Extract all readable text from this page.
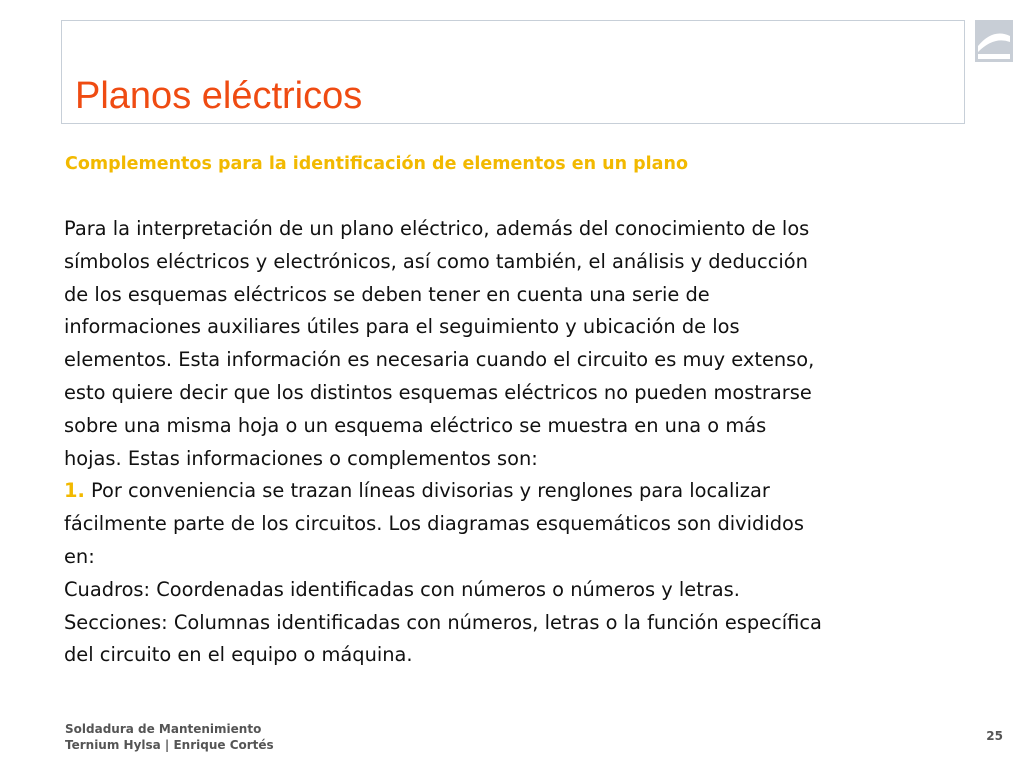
Planos eléctricos
Complementos para la identificación de elementos en un plano
Para la interpretación de un plano eléctrico, además del conocimiento de los
símbolos eléctricos y electrónicos, así como también, el análisis y deducción
de los esquemas eléctricos se deben tener en cuenta una serie de
informaciones auxiliares útiles para el seguimiento y ubicación de los
elementos. Esta información es necesaria cuando el circuito es muy extenso,
esto quiere decir que los distintos esquemas eléctricos no pueden mostrarse
sobre una misma hoja o un esquema eléctrico se muestra en una o más
hojas. Estas informaciones o complementos son:
1. Por conveniencia se trazan líneas divisorias y renglones para localizar
fácilmente parte de los circuitos. Los diagramas esquemáticos son divididos
en:
Cuadros: Coordenadas identificadas con números o números y letras.
Secciones: Columnas identificadas con números, letras o la función específica
del circuito en el equipo o máquina.
Soldadura de Mantenimiento
Ternium Hylsa | Enrique Cortés
25
